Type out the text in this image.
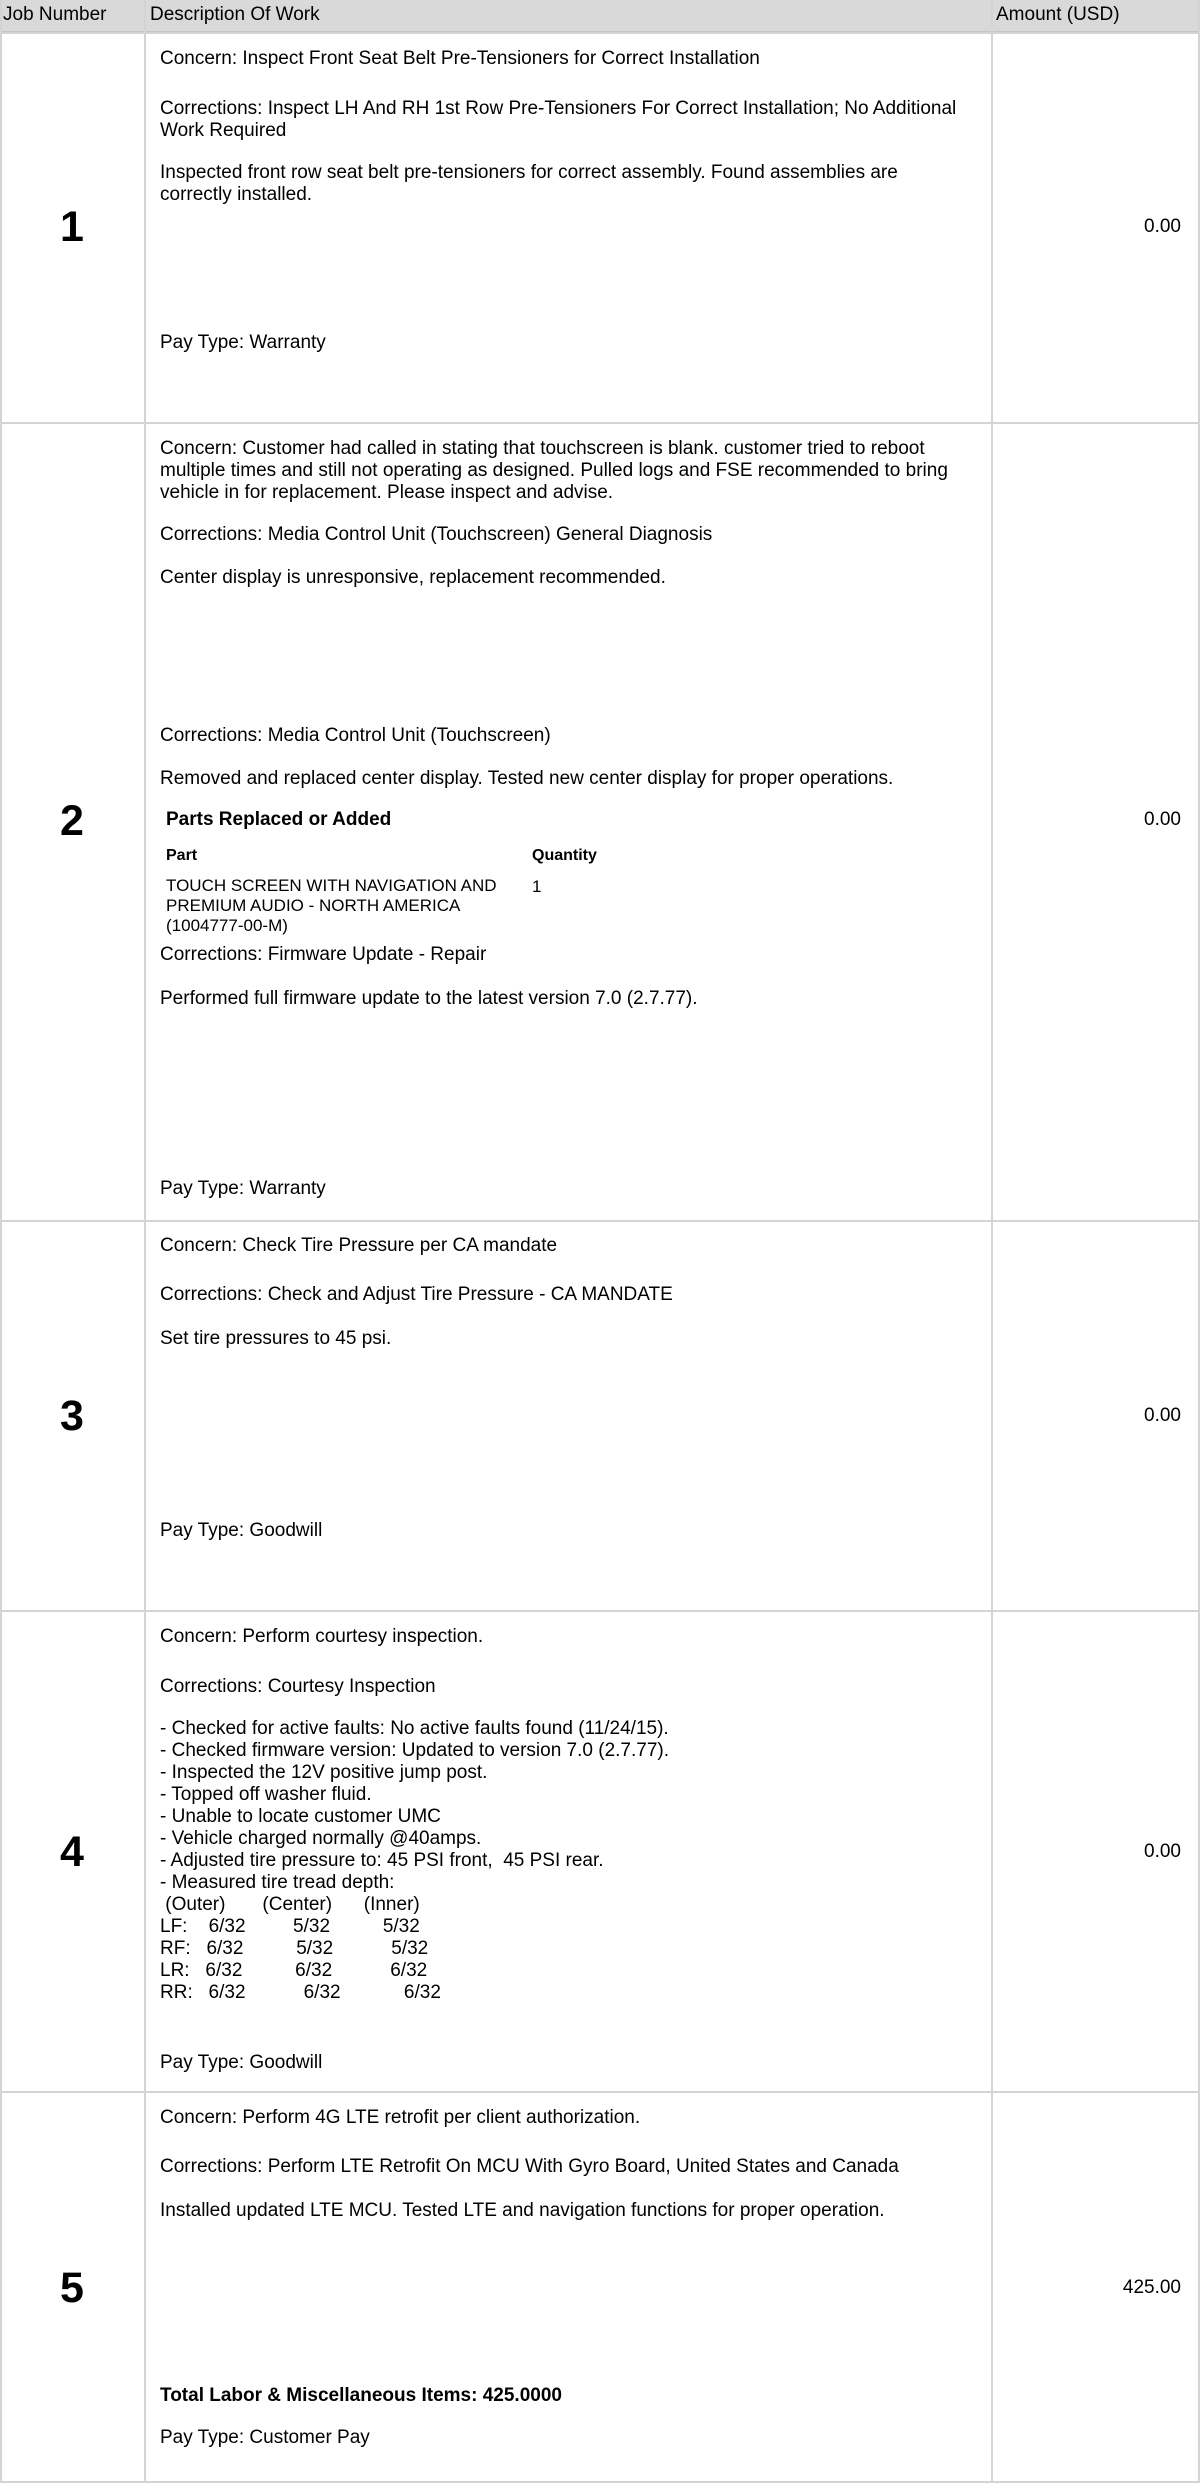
Job Number Description Of Work	Amount (USD)
1
Concern: Inspect Front Seat Belt Pre-Tensioners for Correct Installation
Corrections: Inspect LH And RH 1st Row Pre-Tensioners For Correct Installation; No Additional Work Required
Inspected front row seat belt pre-tensioners for correct assembly. Found assemblies are correctly installed.
Pay Type: Warranty
0.00
2
Concern: Customer had called in stating that touchscreen is blank. customer tried to reboot multiple times and still not operating as designed. Pulled logs and FSE recommended to bring vehicle in for replacement. Please inspect and advise.
Corrections: Media Control Unit (Touchscreen) General Diagnosis
Center display is unresponsive, replacement recommended.
Corrections: Media Control Unit (Touchscreen)
Removed and replaced center display. Tested new center display for proper operations.
Parts Replaced or Added
Part	Quantity
TOUCH SCREEN WITH NAVIGATION AND PREMIUM AUDIO - NORTH AMERICA (1004777-00-M)
1
Corrections: Firmware Update - Repair
Performed full firmware update to the latest version 7.0 (2.7.77).
Pay Type: Warranty
0.00
3
Concern: Check Tire Pressure per CA mandate
Corrections: Check and Adjust Tire Pressure - CA MANDATE
Set tire pressures to 45 psi.
Pay Type: Goodwill
0.00
4
Concern: Perform courtesy inspection.
Corrections: Courtesy Inspection
- Checked for active faults: No active faults found (11/24/15).
- Checked firmware version: Updated to version 7.0 (2.7.77).
- Inspected the 12V positive jump post.
- Topped off washer fluid.
- Unable to locate customer UMC
- Vehicle charged normally @40amps.
- Adjusted tire pressure to: 45 PSI front,  45 PSI rear.
- Measured tire tread depth:
(Outer)       (Center)      (Inner)
LF:    6/32         5/32          5/32
RF:   6/32          5/32           5/32
LR:   6/32          6/32           6/32
RR:   6/32           6/32            6/32
Pay Type: Goodwill
0.00
5
Concern: Perform 4G LTE retrofit per client authorization.
Corrections: Perform LTE Retrofit On MCU With Gyro Board, United States and Canada
Installed updated LTE MCU. Tested LTE and navigation functions for proper operation.
Total Labor & Miscellaneous Items: 425.0000
Pay Type: Customer Pay
425.00
